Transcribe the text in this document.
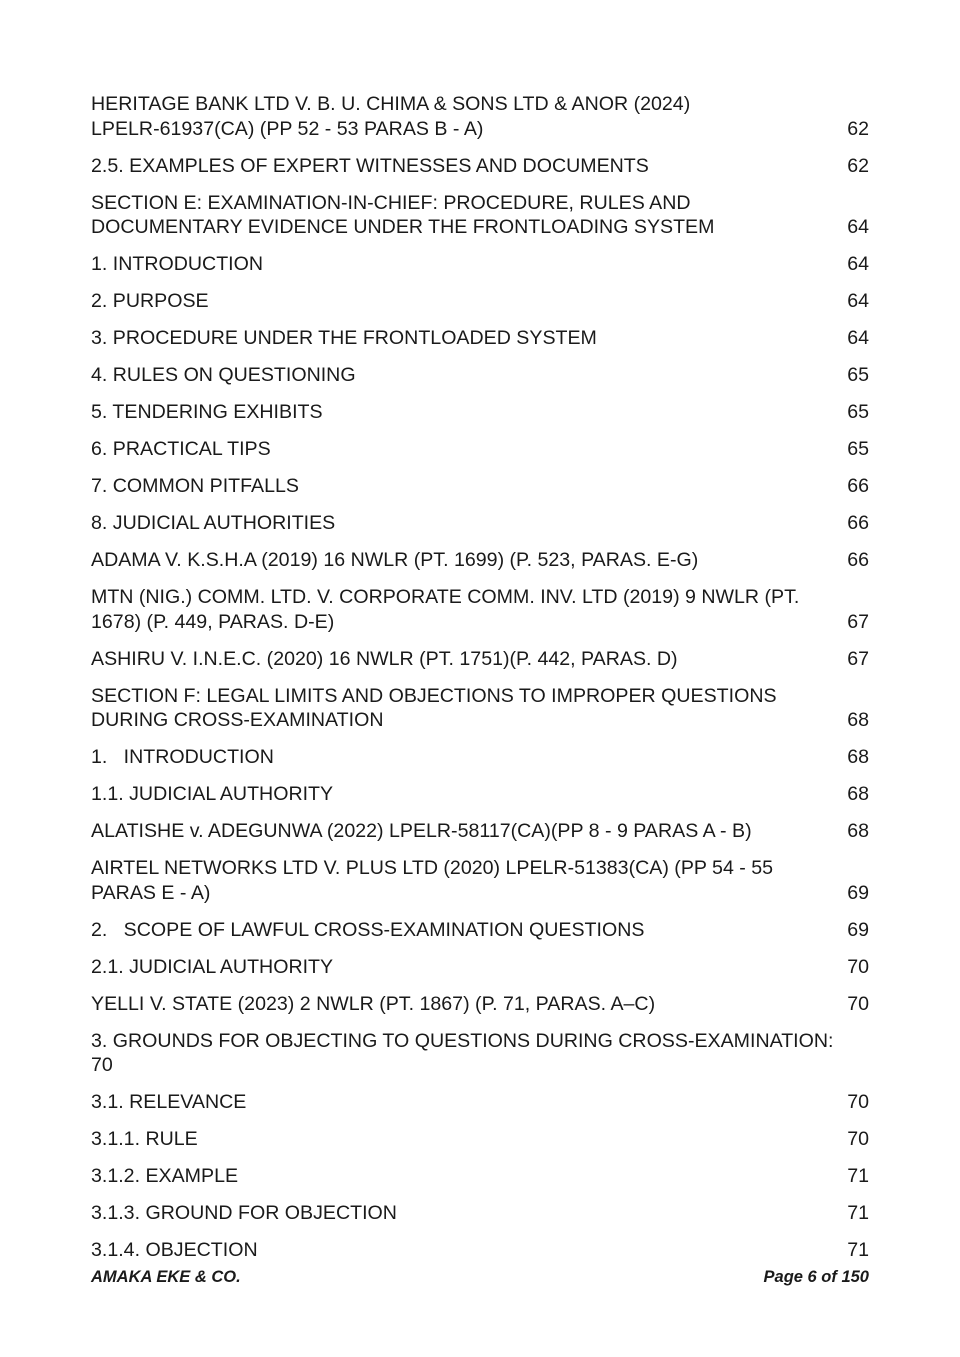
HERITAGE BANK LTD V. B. U. CHIMA & SONS LTD & ANOR (2024)
LPELR-61937(CA) (PP 52 - 53 PARAS B - A)	62
2.5. EXAMPLES OF EXPERT WITNESSES AND DOCUMENTS	62
SECTION E: EXAMINATION-IN-CHIEF: PROCEDURE, RULES AND
DOCUMENTARY EVIDENCE UNDER THE FRONTLOADING SYSTEM	64
1. INTRODUCTION	64
2. PURPOSE	64
3. PROCEDURE UNDER THE FRONTLOADED SYSTEM	64
4. RULES ON QUESTIONING	65
5. TENDERING EXHIBITS	65
6. PRACTICAL TIPS	65
7. COMMON PITFALLS	66
8. JUDICIAL AUTHORITIES	66
ADAMA V. K.S.H.A (2019) 16 NWLR (PT. 1699) (P. 523, PARAS. E-G)	66
MTN (NIG.) COMM. LTD. V. CORPORATE COMM. INV. LTD (2019) 9 NWLR (PT.
1678) (P. 449, PARAS. D-E)	67
ASHIRU V. I.N.E.C. (2020) 16 NWLR (PT. 1751)(P. 442, PARAS. D)	67
SECTION F: LEGAL LIMITS AND OBJECTIONS TO IMPROPER QUESTIONS
DURING CROSS-EXAMINATION	68
1.   INTRODUCTION	68
1.1. JUDICIAL AUTHORITY	68
ALATISHE v. ADEGUNWA (2022) LPELR-58117(CA)(PP 8 - 9 PARAS A - B)	68
AIRTEL NETWORKS LTD V. PLUS LTD (2020) LPELR-51383(CA) (PP 54 - 55
PARAS E - A)	69
2.   SCOPE OF LAWFUL CROSS-EXAMINATION QUESTIONS	69
2.1. JUDICIAL AUTHORITY	70
YELLI V. STATE (2023) 2 NWLR (PT. 1867) (P. 71, PARAS. A–C)	70
3. GROUNDS FOR OBJECTING TO QUESTIONS DURING CROSS-EXAMINATION:
70
3.1. RELEVANCE	70
3.1.1. RULE	70
3.1.2. EXAMPLE	71
3.1.3. GROUND FOR OBJECTION	71
3.1.4. OBJECTION	71
AMAKA EKE & CO.	Page 6 of 150
